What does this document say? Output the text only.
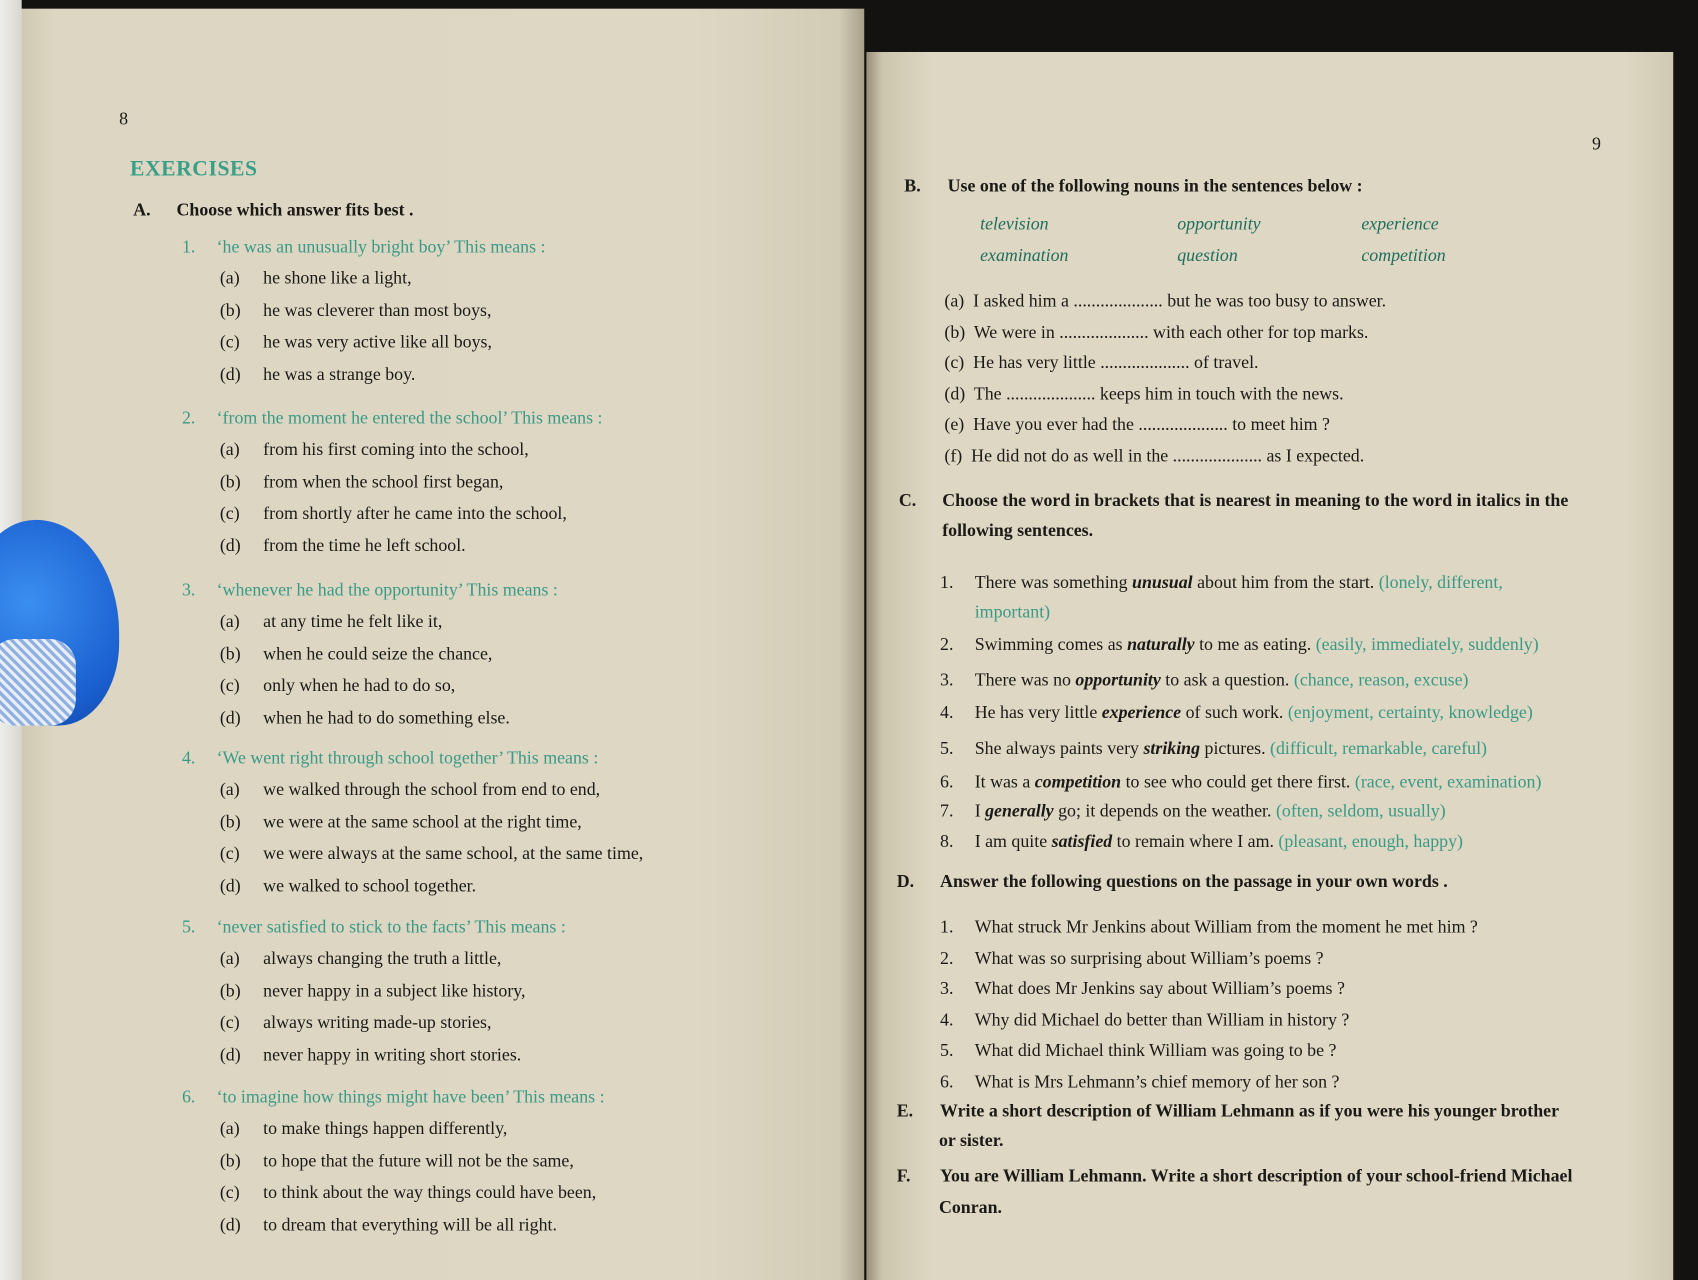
8
EXERCISES
A. Choose which answer fits best .
1. ‘he was an unusually bright boy’ This means :
(a) he shone like a light,
(b) he was cleverer than most boys,
(c) he was very active like all boys,
(d) he was a strange boy.
2. ‘from the moment he entered the school’ This means :
(a) from his first coming into the school,
(b) from when the school first began,
(c) from shortly after he came into the school,
(d) from the time he left school.
3. ‘whenever he had the opportunity’ This means :
(a) at any time he felt like it,
(b) when he could seize the chance,
(c) only when he had to do so,
(d) when he had to do something else.
4. ‘We went right through school together’ This means :
(a) we walked through the school from end to end,
(b) we were at the same school at the right time,
(c) we were always at the same school, at the same time,
(d) we walked to school together.
5. ‘never satisfied to stick to the facts’ This means :
(a) always changing the truth a little,
(b) never happy in a subject like history,
(c) always writing made-up stories,
(d) never happy in writing short stories.
6. ‘to imagine how things might have been’ This means :
(a) to make things happen differently,
(b) to hope that the future will not be the same,
(c) to think about the way things could have been,
(d) to dream that everything will be all right.
9
B. Use one of the following nouns in the sentences below :
television	opportunity	experience
examination	question	competition
(a) I asked him a .................... but he was too busy to answer.
(b) We were in .................... with each other for top marks.
(c) He has very little .................... of travel.
(d) The .................... keeps him in touch with the news.
(e) Have you ever had the .................... to meet him ?
(f) He did not do as well in the .................... as I expected.
C. Choose the word in brackets that is nearest in meaning to the word in italics in the
following sentences.
1. There was something unusual about him from the start. (lonely, different,
important)
2. Swimming comes as naturally to me as eating. (easily, immediately, suddenly)
3. There was no opportunity to ask a question. (chance, reason, excuse)
4. He has very little experience of such work. (enjoyment, certainty, knowledge)
5. She always paints very striking pictures. (difficult, remarkable, careful)
6. It was a competition to see who could get there first. (race, event, examination)
7. I generally go; it depends on the weather. (often, seldom, usually)
8. I am quite satisfied to remain where I am. (pleasant, enough, happy)
D. Answer the following questions on the passage in your own words .
1. What struck Mr Jenkins about William from the moment he met him ?
2. What was so surprising about William’s poems ?
3. What does Mr Jenkins say about William’s poems ?
4. Why did Michael do better than William in history ?
5. What did Michael think William was going to be ?
6. What is Mrs Lehmann’s chief memory of her son ?
E. Write a short description of William Lehmann as if you were his younger brother
or sister.
F. You are William Lehmann. Write a short description of your school-friend Michael
Conran.
